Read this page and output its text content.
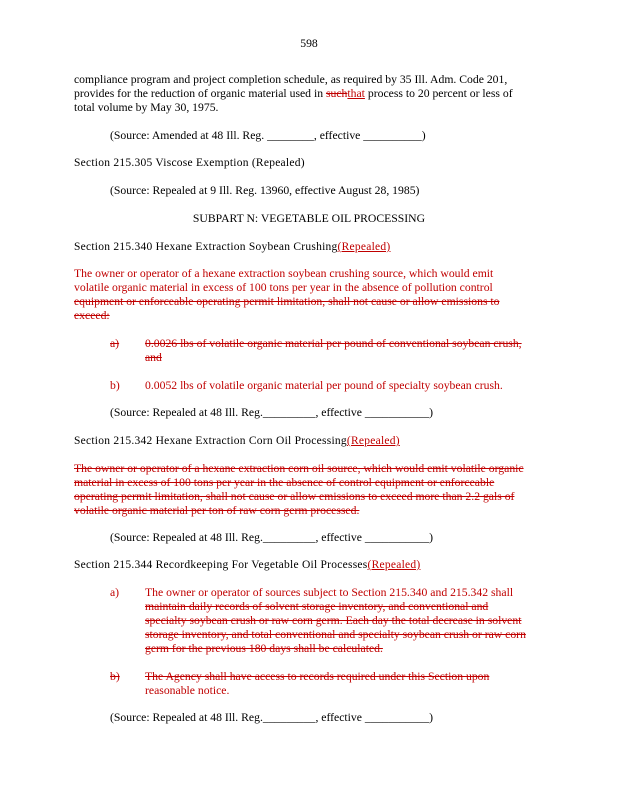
598
compliance program and project completion schedule, as required by 35 Ill. Adm. Code 201,
provides for the reduction of organic material used in suchthat process to 20 percent or less of
total volume by May 30, 1975.
(Source: Amended at 48 Ill. Reg. ________, effective __________)
Section 215.305 Viscose Exemption (Repealed)
(Source: Repealed at 9 Ill. Reg. 13960, effective August 28, 1985)
SUBPART N: VEGETABLE OIL PROCESSING
Section 215.340 Hexane Extraction Soybean Crushing(Repealed)
The owner or operator of a hexane extraction soybean crushing source, which would emit
volatile organic material in excess of 100 tons per year in the absence of pollution control
equipment or enforceable operating permit limitation, shall not cause or allow emissions to
exceed:
a) 0.0026 lbs of volatile organic material per pound of conventional soybean crush,
and
b) 0.0052 lbs of volatile organic material per pound of specialty soybean crush.
(Source: Repealed at 48 Ill. Reg._________, effective ___________)
Section 215.342 Hexane Extraction Corn Oil Processing(Repealed)
The owner or operator of a hexane extraction corn oil source, which would emit volatile organic
material in excess of 100 tons per year in the absence of control equipment or enforceable
operating permit limitation, shall not cause or allow emissions to exceed more than 2.2 gals of
volatile organic material per ton of raw corn germ processed.
(Source: Repealed at 48 Ill. Reg._________, effective ___________)
Section 215.344 Recordkeeping For Vegetable Oil Processes(Repealed)
a) The owner or operator of sources subject to Section 215.340 and 215.342 shall
maintain daily records of solvent storage inventory, and conventional and
specialty soybean crush or raw corn germ. Each day the total decrease in solvent
storage inventory, and total conventional and specialty soybean crush or raw corn
germ for the previous 180 days shall be calculated.
b) The Agency shall have access to records required under this Section upon
reasonable notice.
(Source: Repealed at 48 Ill. Reg._________, effective ___________)
